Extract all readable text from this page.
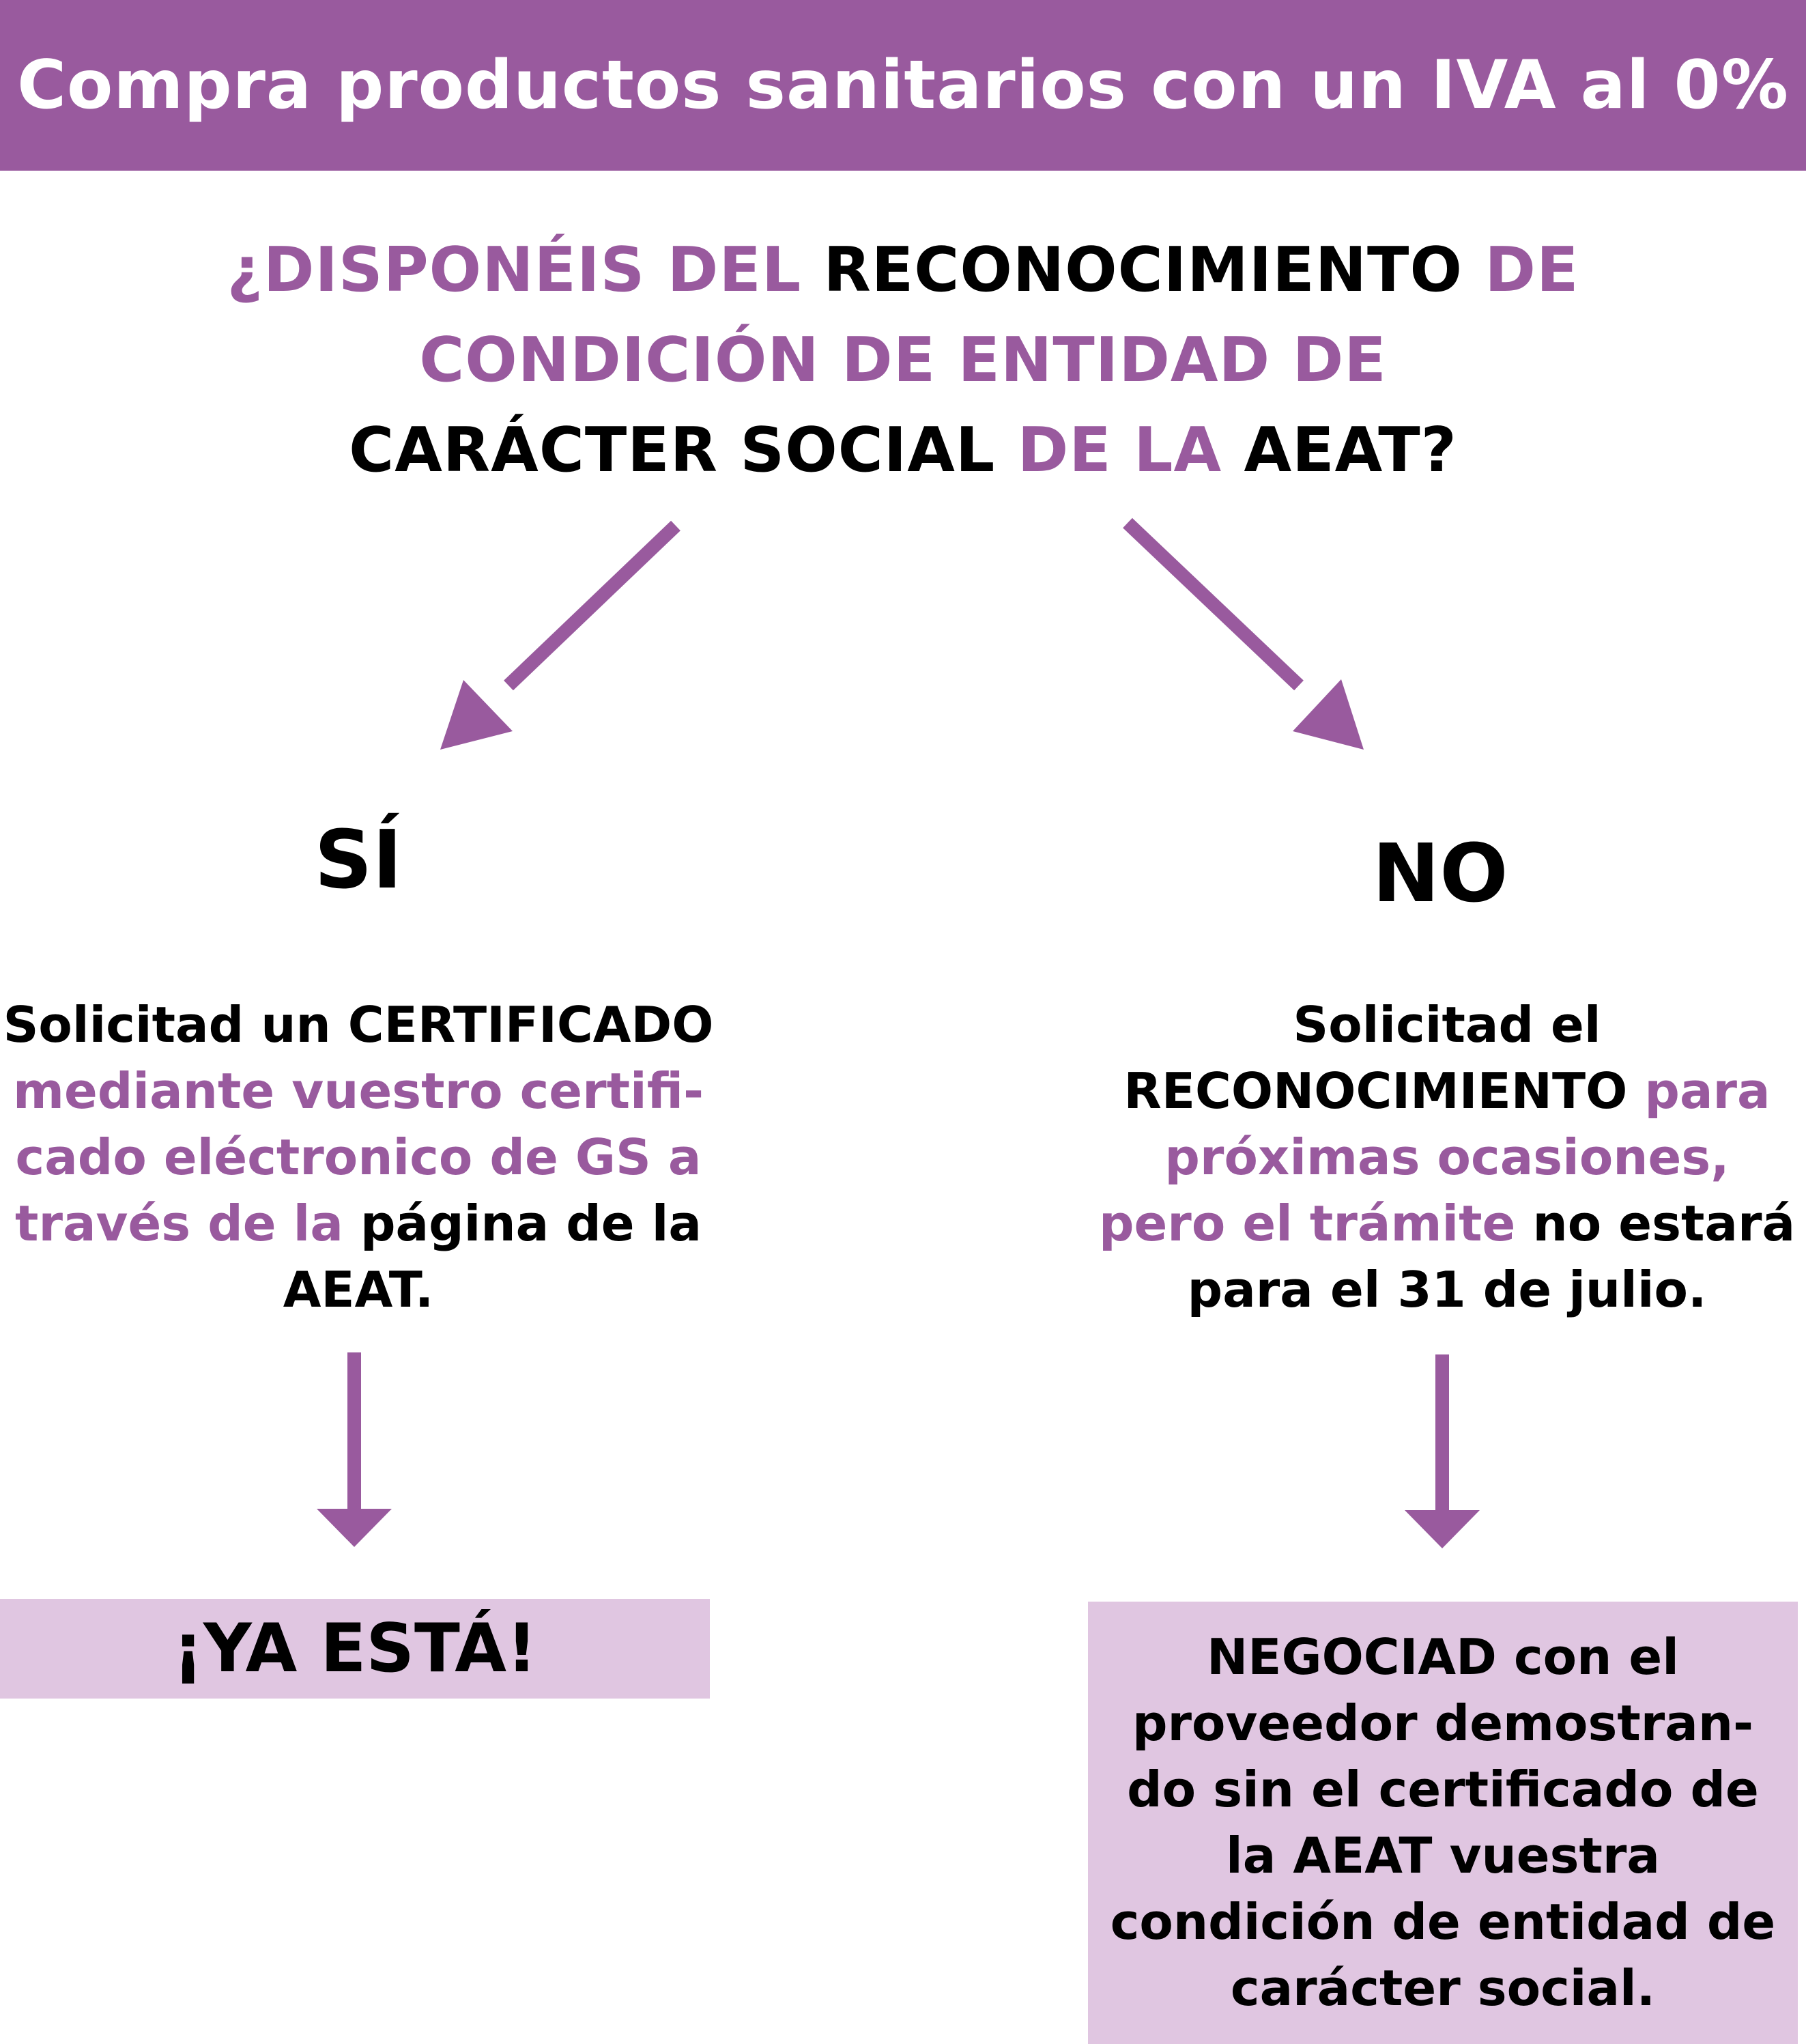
Compra productos sanitarios con un IVA al 0%
¿DISPONÉIS DEL RECONOCIMIENTO DE
CONDICIÓN DE ENTIDAD DE
CARÁCTER SOCIAL DE LA AEAT?
SÍ	NO
Solicitad un CERTIFICADO
mediante vuestro certifi-
cado eléctronico de GS a
través de la página de la
AEAT.
Solicitad el
RECONOCIMIENTO para
próximas ocasiones,
pero el trámite no estará
para el 31 de julio.
¡YA ESTÁ!	NEGOCIAD con el
proveedor demostran-
do sin el certificado de
la AEAT vuestra
condición de entidad de
carácter social.
